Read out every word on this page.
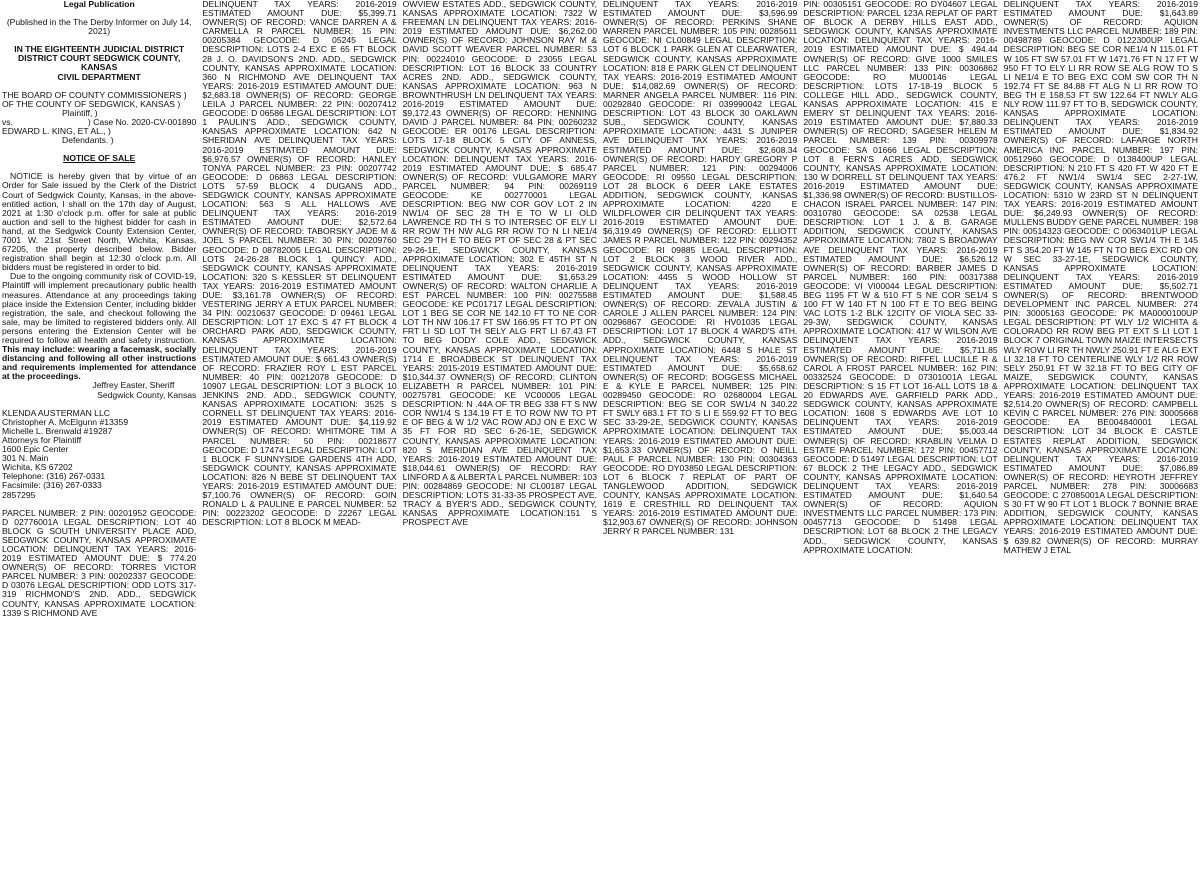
Legal Publication

(Published in the The Derby Informer on July 14, 2021)

IN THE EIGHTEENTH JUDICIAL DISTRICT

DISTRICT COURT SEDGWICK COUNTY, KANSAS

CIVIL DEPARTMENT

THE BOARD OF COUNTY COMMISSIONERS )

OF THE COUNTY OF SEDGWICK, KANSAS )

Plaintiff, )

vs.	) Case No. 2020-CV-001890

EDWARD L. KING, ET AL., )

Defendants. )

NOTICE OF SALE

NOTICE is hereby given that by virtue of an Order for Sale issued by the Clerk of the District Court of Sedgwick County, Kansas, in the above-entitled action, I shall on the 17th day of August, 2021 at 1:30 o'clock p.m. offer for sale at public auction and sell to the highest bidder for cash in hand, at the Sedgwick County Extension Center, 7001 W. 21st Street North, Wichita, Kansas, 67205, the property described below. Bidder registration shall begin at 12:30 o'clock p.m. All bidders must be registered in order to bid.

Due to the ongoing community risk of COVID-19, Plaintiff will implement precautionary public health measures. Attendance at any proceedings taking place inside the Extension Center, including bidder registration, the sale, and checkout following the sale, may be limited to registered bidders only. All persons entering the Extension Center will be required to follow all health and safety instruction. This may include: wearing a facemask, socially distancing and following all other instructions and requirements implemented for attendance at the proceedings.

Jeffrey Easter, Sheriff

Sedgwick County, Kansas

KLENDA AUSTERMAN LLC

Christopher A. McElgunn #13359

Michelle L. Brenwald #19287

Attorneys for Plaintiff

1600 Epic Center

301 N. Main

Wichita, KS 67202

Telephone: (316) 267-0331

Facsimile: (316) 267-0333

2857295

PARCEL NUMBER: 2 PIN: 00201952 GEOCODE: D 02776001A LEGAL DESCRIPTION: LOT 40 BLOCK G SOUTH UNIVERSITY PLACE ADD, SEDGWICK COUNTY, KANSAS APPROXIMATE LOCATION: DELINQUENT TAX YEARS: 2016-2019 ESTIMATED AMOUNT DUE: $ 774.20 OWNER(S) OF RECORD: TORRES VICTOR PARCEL NUMBER: 3 PIN: 00202337 GEOCODE: D 03076 LEGAL DESCRIPTION: ODD LOTS 317-319 RICHMOND'S 2ND. ADD., SEDGWICK COUNTY, KANSAS APPROXIMATE LOCATION: 1339 S RICHMOND AVE

DELINQUENT TAX YEARS: 2016-2019 ESTIMATED AMOUNT DUE: $5,399.71 OWNER(S) OF RECORD: VANCE DARREN A & CARMELLA R PARCEL NUMBER: 15 PIN: 00205384 GEOCODE: D 05245 LEGAL DESCRIPTION: LOTS 2-4 EXC E 65 FT BLOCK 28 J. O. DAVIDSON'S 2ND. ADD., SEDGWICK COUNTY, KANSAS APPROXIMATE LOCATION: 360 N RICHMOND AVE DELINQUENT TAX YEARS: 2016-2019 ESTIMATED AMOUNT DUE: $2,683.18 OWNER(S) OF RECORD: GEORGE LEILA J PARCEL NUMBER: 22 PIN: 00207412 GEOCODE: D 06586 LEGAL DESCRIPTION: LOT 1 PAULIN'S ADD., SEDGWICK COUNTY, KANSAS APPROXIMATE LOCATION: 642 N SHERIDAN AVE DELINQUENT TAX YEARS: 2016-2019 ESTIMATED AMOUNT DUE: $6,976.57 OWNER(S) OF RECORD: HANLEY TONYA PARCEL NUMBER: 23 PIN: 00207742 GEOCODE: D 06863 LEGAL DESCRIPTION: LOTS 57-59 BLOCK 4 DUGANS ADD., SEDGWICK COUNTY, KANSAS APPROXIMATE LOCATION: 563 S ALL HALLOWS AVE DELINQUENT TAX YEARS: 2016-2019 ESTIMATED AMOUNT DUE: $2,572.64 OWNER(S) OF RECORD: TABORSKY JADE M & JOEL S PARCEL NUMBER: 30 PIN: 00209760 GEOCODE: D 08782005 LEGAL DESCRIPTION: LOTS 24-26-28 BLOCK 1 QUINCY ADD., SEDGWICK COUNTY, KANSAS APPROXIMATE LOCATION: 320 S KESSLER ST DELINQUENT TAX YEARS: 2016-2019 ESTIMATED AMOUNT DUE: $3,161.78 OWNER(S) OF RECORD: VESTERING JERRY A ETUX PARCEL NUMBER: 34 PIN: 00210637 GEOCODE: D 09461 LEGAL DESCRIPTION: LOT 17 EXC S 47 FT BLOCK 4 ORCHARD PARK ADD, SEDGWICK COUNTY, KANSAS APPROXIMATE LOCATION: DELINQUENT TAX YEARS: 2016-2019 ESTIMATED AMOUNT DUE: $ 661.43 OWNER(S) OF RECORD: FRAZIER ROY L EST PARCEL NUMBER: 40 PIN: 00212078 GEOCODE: D 10907 LEGAL DESCRIPTION: LOT 3 BLOCK 10 JENKINS 2ND. ADD., SEDGWICK COUNTY, KANSAS APPROXIMATE LOCATION: 3525 S CORNELL ST DELINQUENT TAX YEARS: 2016-2019 ESTIMATED AMOUNT DUE: $4,119.92 OWNER(S) OF RECORD: WHITMORE TIM A PARCEL NUMBER: 50 PIN: 00218677 GEOCODE: D 17474 LEGAL DESCRIPTION: LOT 1 BLOCK F SUNNYSIDE GARDENS 4TH ADD, SEDGWICK COUNTY, KANSAS APPROXIMATE LOCATION: 826 N BEBE ST DELINQUENT TAX YEARS: 2016-2019 ESTIMATED AMOUNT DUE: $7,100.76 OWNER(S) OF RECORD: GOIN RONALD L & PAULINE E PARCEL NUMBER: 52 PIN: 00223202 GEOCODE: D 22267 LEGAL DESCRIPTION: LOT 8 BLOCK M MEAD-

OWVIEW ESTATES ADD., SEDGWICK COUNTY, KANSAS APPROXIMATE LOCATION: 7322 W FREEMAN LN DELINQUENT TAX YEARS: 2016-2019 ESTIMATED AMOUNT DUE: $6,262.00 OWNER(S) OF RECORD: JOHNSON RAY M & DAVID SCOTT WEAVER PARCEL NUMBER: 53 PIN: 00224010 GEOCODE: D 23055 LEGAL DESCRIPTION: LOT 16 BLOCK 33 COUNTRY ACRES 2ND. ADD., SEDGWICK COUNTY, KANSAS APPROXIMATE LOCATION: 963 N BROWNTHRUSH LN DELINQUENT TAX YEARS: 2016-2019 ESTIMATED AMOUNT DUE: $9,172.43 OWNER(S) OF RECORD: HENNING DAVID J PARCEL NUMBER: 84 PIN: 00260232 GEOCODE: ER 00176 LEGAL DESCRIPTION: LOTS 17-18 BLOCK 5 CITY OF ANNESS, SEDGWICK COUNTY, KANSAS APPROXIMATE LOCATION: DELINQUENT TAX YEARS: 2016-2019 ESTIMATED AMOUNT DUE: $ 685.47 OWNER(S) OF RECORD: VULGAMORE MARY PARCEL NUMBER: 94 PIN: 00269119 GEOCODE: KE 002770001 LEGAL DESCRIPTION: BEG NW COR GOV LOT 2 IN NW1/4 OF SEC 28 TH E TO W LI OLD LAWRENCE RD TH S TO INTERSEC OF ELY LI RR ROW TH NW ALG RR ROW TO N LI NE1/4 SEC 29 TH E TO BEG PT OF SEC 28 & PT SEC 29-26-1E, SEDGWICK COUNTY, KANSAS APPROXIMATE LOCATION: 302 E 45TH ST N DELINQUENT TAX YEARS: 2016-2019 ESTIMATED AMOUNT DUE: $1,653.29 OWNER(S) OF RECORD: WALTON CHARLIE A EST PARCEL NUMBER: 100 PIN: 00275588 GEOCODE: KE PC01717 LEGAL DESCRIPTION: LOT 1 BEG SE COR NE 142.10 FT TO NE COR LOT TH NW 106.17 FT SW 166.95 FT TO PT ON FRT LI SD LOT TH SELY ALG FRT LI 67.43 FT TO BEG DODY COLE ADD., SEDGWICK COUNTY, KANSAS APPROXIMATE LOCATION: 1714 E BROADBECK ST DELINQUENT TAX YEARS: 2015-2019 ESTIMATED AMOUNT DUE: $10,344.37 OWNER(S) OF RECORD: CLINTON ELIZABETH R PARCEL NUMBER: 101 PIN: 00275781 GEOCODE: KE VC00005 LEGAL DESCRIPTION: N .44A OF TR BEG 338 FT S NW COR NW1/4 S 134.19 FT E TO ROW NW TO PT E OF BEG & W 1/2 VAC ROW ADJ ON E EXC W 35 FT FOR RD SEC 6-26-1E, SEDGWICK COUNTY, KANSAS APPROXIMATE LOCATION: 820 S MERIDIAN AVE DELINQUENT TAX YEARS: 2016-2019 ESTIMATED AMOUNT DUE: $18,044.61 OWNER(S) OF RECORD: RAY LINFORD A & ALBERTA L PARCEL NUMBER: 103 PIN: 00284869 GEOCODE: NI CL00187 LEGAL DESCRIPTION: LOTS 31-33-35 PROSPECT AVE. TRACY & BYER'S ADD., SEDGWICK COUNTY, KANSAS APPROXIMATE LOCATION:151 S PROSPECT AVE

DELINQUENT TAX YEARS: 2016-2019 ESTIMATED AMOUNT DUE: $3,596.99 OWNER(S) OF RECORD: PERKINS SHANE WARREN PARCEL NUMBER: 105 PIN: 00285611 GEOCODE: NI CL00849 LEGAL DESCRIPTION: LOT 6 BLOCK 1 PARK GLEN AT CLEARWATER, SEDGWICK COUNTY, KANSAS APPROXIMATE LOCATION: 818 E PARK GLEN CT DELINQUENT TAX YEARS: 2016-2019 ESTIMATED AMOUNT DUE: $14,082.69 OWNER(S) OF RECORD: MARNER ANGELA PARCEL NUMBER: 116 PIN: 00292840 GEOCODE: RI 039990042 LEGAL DESCRIPTION: LOT 43 BLOCK 30 OAKLAWN SUB., SEDGWICK COUNTY, KANSAS APPROXIMATE LOCATION: 4431 S JUNIPER AVE DELINQUENT TAX YEARS: 2016-2019 ESTIMATED AMOUNT DUE: $2,608.34 OWNER(S) OF RECORD: HARDY GREGORY P PARCEL NUMBER: 121 PIN: 00294006 GEOCODE: RI 09550 LEGAL DESCRIPTION: LOT 28 BLOCK 6 DEER LAKE ESTATES ADDITION, SEDGWICK COUNTY, KANSAS APPROXIMATE LOCATION: 4220 E WILDFLOWER CIR DELINQUENT TAX YEARS: 2016-2019 ESTIMATED AMOUNT DUE: $6,319.49 OWNER(S) OF RECORD: ELLIOTT JAMES R PARCEL NUMBER: 122 PIN: 00294352 GEOCODE: RI 09885 LEGAL DESCRIPTION: LOT 2 BLOCK 3 WOOD RIVER ADD., SEDGWICK COUNTY, KANSAS APPROXIMATE LOCATION: 4455 S WOOD HOLLOW ST DELINQUENT TAX YEARS: 2016-2019 ESTIMATED AMOUNT DUE: $1,588.45 OWNER(S) OF RECORD: ZEVALA JUSTIN & CAROLE J ALLEN PARCEL NUMBER: 124 PIN: 00296867 GEOCODE: RI HV01035 LEGAL DESCRIPTION: LOT 17 BLOCK 4 WARD'S 4TH. ADD., SEDGWICK COUNTY, KANSAS APPROXIMATE LOCATION: 6448 S HALE ST DELINQUENT TAX YEARS: 2016-2019 ESTIMATED AMOUNT DUE: $5,658.62 OWNER(S) OF RECORD: BOGGESS MICHAEL E & KYLE E PARCEL NUMBER: 125 PIN: 00289450 GEOCODE: RO 02680004 LEGAL DESCRIPTION: BEG SE COR SW1/4 N 340.22 FT SWLY 683.1 FT TO S LI E 559.92 FT TO BEG SEC 33-29-2E, SEDGWICK COUNTY, KANSAS APPROXIMATE LOCATION: DELINQUENT TAX YEARS: 2016-2019 ESTIMATED AMOUNT DUE: $1,653.33 OWNER(S) OF RECORD: O NEILL PAUL F PARCEL NUMBER: 130 PIN: 00304363 GEOCODE: RO DY03850 LEGAL DESCRIPTION: LOT 6 BLOCK 7 REPLAT OF PART OF TANGLEWOOD ADDITION, SEDGWICK COUNTY, KANSAS APPROXIMATE LOCATION: 1619 E CRESTHILL RD DELINQUENT TAX YEARS: 2016-2019 ESTIMATED AMOUNT DUE: $12,903.67 OWNER(S) OF RECORD: JOHNSON JERRY R PARCEL NUMBER: 131

PIN: 00305151 GEOCODE: RO DY04607 LEGAL DESCRIPTION: PARCEL 123A REPLAT OF PART OF BLOCK A DERBY HILLS EAST ADD., SEDGWICK COUNTY, KANSAS APPROXIMATE LOCATION: DELINQUENT TAX YEARS: 2016-2019 ESTIMATED AMOUNT DUE: $ 494.44 OWNER(S) OF RECORD: GIVE 1000 SMILES LLC PARCEL NUMBER: 133 PIN: 00306862 GEOCODE: RO MU00146 LEGAL DESCRIPTION: LOTS 17-18-19 BLOCK 5 COLLEGE HILL ADD., SEDGWICK COUNTY, KANSAS APPROXIMATE LOCATION: 415 E EMERY ST DELINQUENT TAX YEARS: 2016-2019 ESTIMATED AMOUNT DUE: $7,880.33 OWNER(S) OF RECORD: SAGESER HELEN M PARCEL NUMBER: 139 PIN: 00309978 GEOCODE: SA 01666 LEGAL DESCRIPTION: LOT 8 FERN'S ACRES ADD, SEDGWICK COUNTY, KANSAS APPROXIMATE LOCATION: 130 W DORRELL ST DELINQUENT TAX YEARS: 2016-2019 ESTIMATED AMOUNT DUE: $1,336.98 OWNER(S) OF RECORD: BUSTILLOS-CHACON ISRAEL PARCEL NUMBER: 147 PIN: 00310780 GEOCODE: SA 02538 LEGAL DESCRIPTION: LOT 1 J. & B. GARAGE ADDITION, SEDGWICK COUNTY, KANSAS APPROXIMATE LOCATION: 7802 S BROADWAY AVE DELINQUENT TAX YEARS: 2016-2019 ESTIMATED AMOUNT DUE: $6,526.12 OWNER(S) OF RECORD: BARBER JAMES D PARCEL NUMBER: 160 PIN: 00317388 GEOCODE: VI VI00044 LEGAL DESCRIPTION: BEG 1195 FT W & 510 FT S NE COR SE1/4 S 100 FT W 140 FT N 100 FT E TO BEG BEING VAC LOTS 1-2 BLK 12CITY OF VIOLA SEC 33-29-3W, SEDGWICK COUNTY, KANSAS APPROXIMATE LOCATION: 417 W WILSON AVE DELINQUENT TAX YEARS: 2016-2019 ESTIMATED AMOUNT DUE: $5,711.85 OWNER(S) OF RECORD: RIFFEL LUCILLE R & CAROL A FROST PARCEL NUMBER: 162 PIN: 00332524 GEOCODE: D 07301001A LEGAL DESCRIPTION: S 15 FT LOT 16-ALL LOTS 18 & 20 EDWARDS AVE. GARFIELD PARK ADD., SEDGWICK COUNTY, KANSAS APPROXIMATE LOCATION: 1608 S EDWARDS AVE LOT 10 DELINQUENT TAX YEARS: 2016-2019 ESTIMATED AMOUNT DUE: $5,003.44 OWNER(S) OF RECORD: KRABLIN VELMA D ESTATE PARCEL NUMBER: 172 PIN: 00457712 GEOCODE: D 51497 LEGAL DESCRIPTION: LOT 67 BLOCK 2 THE LEGACY ADD., SEDGWICK COUNTY, KANSAS APPROXIMATE LOCATION: DELINQUENT TAX YEARS: 2016-2019 ESTIMATED AMOUNT DUE: $1,640.54 OWNER(S) OF RECORD: AQUION INVESTMENTS LLC PARCEL NUMBER: 173 PIN: 00457713 GEOCODE: D 51498 LEGAL DESCRIPTION: LOT 68 BLOCK 2 THE LEGACY ADD., SEDGWICK COUNTY, KANSAS APPROXIMATE LOCATION:

DELINQUENT TAX YEARS: 2016-2019 ESTIMATED AMOUNT DUE: $1,643.89 OWNER(S) OF RECORD: AQUION INVESTMENTS LLC PARCEL NUMBER: 189 PIN: 00498789 GEOCODE: D 0122300UP LEGAL DESCRIPTION: BEG SE COR NE1/4 N 115.01 FT W 105 FT SW 57.01 FT W 1471.76 FT N 17 FT W 950 FT TO ELY LI RR ROW SE ALG ROW TO S LI NE1/4 E TO BEG EXC COM SW COR TH N 192.74 FT SE 84.88 FT ALG N LI RR ROW TO BEG TH E 158.53 FT SW 122.64 FT NWLY ALG NLY ROW 111.97 FT TO B, SEDGWICK COUNTY, KANSAS APPROXIMATE LOCATION: DELINQUENT TAX YEARS: 2016-2019 ESTIMATED AMOUNT DUE: $1,834.92 OWNER(S) OF RECORD: LAFARGE NORTH AMERICA INC PARCEL NUMBER: 197 PIN: 00512960 GEOCODE: D 0138400UP LEGAL DESCRIPTION: N 210 FT S 420 FT W 420 FT E 476.2 FT NW1/4 SW1/4 SEC 2-27-1W, SEDGWICK COUNTY, KANSAS APPROXIMATE LOCATION: 5310 W 23RD ST N DELINQUENT TAX YEARS: 2016-2019 ESTIMATED AMOUNT DUE: $6,249.93 OWNER(S) OF RECORD: MULLENS BUDDY GENE PARCEL NUMBER: 198 PIN: 00514323 GEOCODE: C 0063401UP LEGAL DESCRIPTION: BEG NW COR SW1/4 TH E 145 FT S 354.20 FT W 145 FT N TO BEG EXC RD ON W SEC 33-27-1E, SEDGWICK COUNTY, KANSAS APPROXIMATE LOCATION: DELINQUENT TAX YEARS: 2016-2019 ESTIMATED AMOUNT DUE: $5,502.71 OWNER(S) OF RECORD: BRENTWOOD DEVELOPMENT INC PARCEL NUMBER: 274 PIN: 30005163 GEOCODE: PK MA0000100UP LEGAL DESCRIPTION: PT WLY 1/2 WICHITA & COLORADO RR ROW BEG PT EXT S LI LOT 1 BLOCK 7 ORIGINAL TOWN MAIZE INTERSECTS WLY ROW LI RR TH NWLY 250.91 FT E ALG EXT LI 32.18 FT TO CENTERLINE WLY 1/2 RR ROW SELY 250.91 FT W 32.18 FT TO BEG CITY OF MAIZE, SEDGWICK COUNTY, KANSAS APPROXIMATE LOCATION: DELINQUENT TAX YEARS: 2016-2019 ESTIMATED AMOUNT DUE: $2,514.20 OWNER(S) OF RECORD: CAMPBELL KEVIN C PARCEL NUMBER: 276 PIN: 30005668 GEOCODE: EA BE004840001 LEGAL DESCRIPTION: LOT 34 BLOCK E CASTLE ESTATES REPLAT ADDITION, SEDGWICK COUNTY, KANSAS APPROXIMATE LOCATION: DELINQUENT TAX YEARS: 2016-2019 ESTIMATED AMOUNT DUE: $7,086.89 OWNER(S) OF RECORD: HEYROTH JEFFREY PARCEL NUMBER: 278 PIN: 30006683 GEOCODE: C 27085001A LEGAL DESCRIPTION: S 30 FT W 90 FT LOT 1 BLOCK 7 BONNIE BRAE ADDITION, SEDGWICK COUNTY, KANSAS APPROXIMATE LOCATION: DELINQUENT TAX YEARS: 2016-2019 ESTIMATED AMOUNT DUE: $ 639.82 OWNER(S) OF RECORD: MURRAY MATHEW J ETAL
